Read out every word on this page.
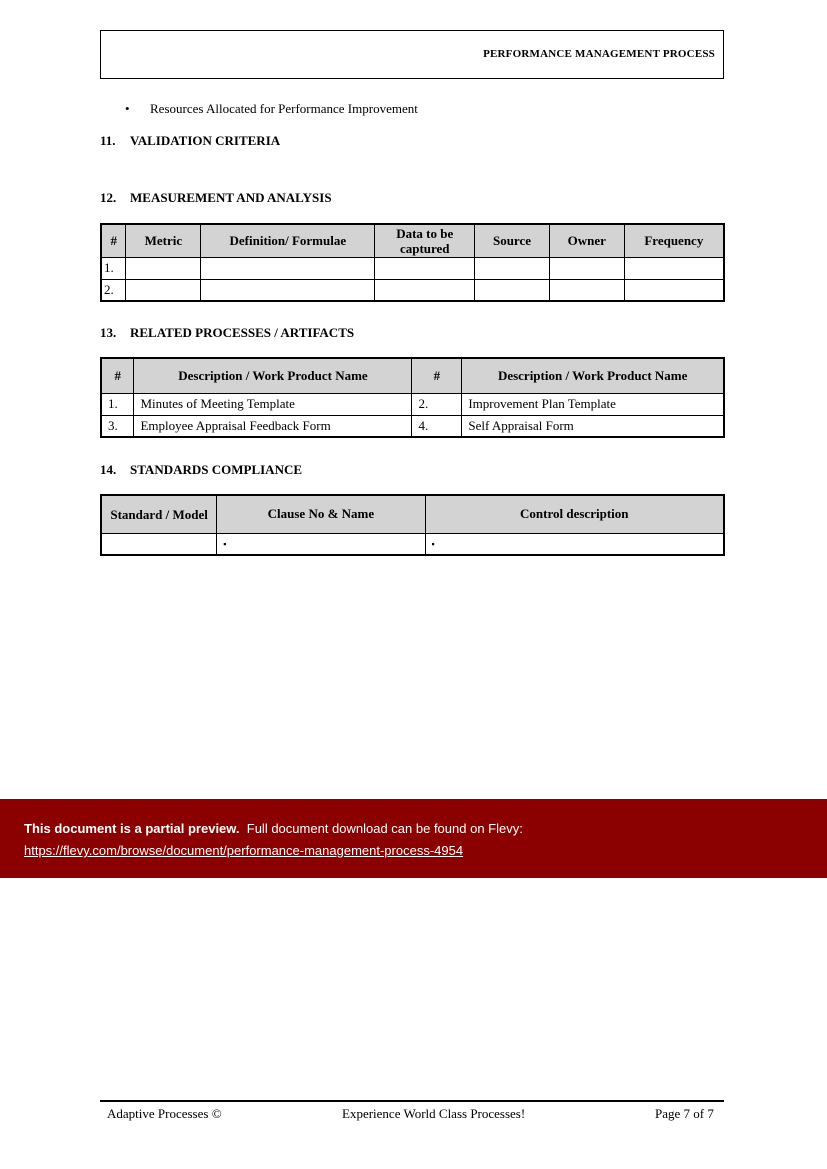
PERFORMANCE MANAGEMENT PROCESS
• Resources Allocated for Performance Improvement
11. VALIDATION CRITERIA
12. MEASUREMENT AND ANALYSIS
#	Metric	Definition/ Formulae	Data to be captured	Source	Owner	Frequency
1.						
2.						
13. RELATED PROCESSES / ARTIFACTS
#	Description / Work Product Name	#	Description / Work Product Name
1.	Minutes of Meeting Template	2.	Improvement Plan Template
3.	Employee Appraisal Feedback Form	4.	Self Appraisal Form
14. STANDARDS COMPLIANCE
Standard / Model	Clause No & Name	Control description
	▪	▪
This document is a partial preview. Full document download can be found on Flevy:
https://flevy.com/browse/document/performance-management-process-4954
Adaptive Processes ©	Experience World Class Processes!	Page 7 of 7
